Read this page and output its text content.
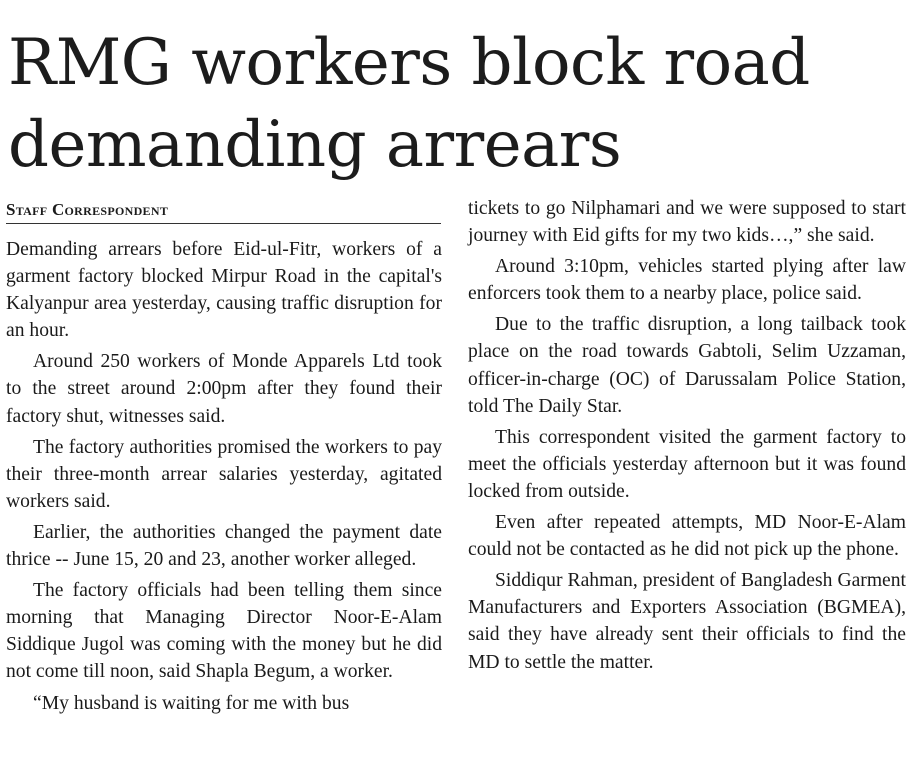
RMG workers block road
demanding arrears
Staff Correspondent

Demanding arrears before Eid-ul-Fitr, workers of a garment factory blocked Mirpur Road in the capital's Kalyanpur area yesterday, causing traffic disruption for an hour.

Around 250 workers of Monde Apparels Ltd took to the street around 2:00pm after they found their factory shut, witnesses said.

The factory authorities promised the workers to pay their three-month arrear salaries yesterday, agitated workers said.

Earlier, the authorities changed the payment date thrice -- June 15, 20 and 23, another worker alleged.

The factory officials had been telling them since morning that Managing Director Noor-E-Alam Siddique Jugol was coming with the money but he did not come till noon, said Shapla Begum, a worker.

“My husband is waiting for me with bus

tickets to go Nilphamari and we were supposed to start journey with Eid gifts for my two kids…,” she said.

Around 3:10pm, vehicles started plying after law enforcers took them to a nearby place, police said.

Due to the traffic disruption, a long tailback took place on the road towards Gabtoli, Selim Uzzaman, officer-in-charge (OC) of Darussalam Police Station, told The Daily Star.

This correspondent visited the garment factory to meet the officials yesterday afternoon but it was found locked from outside.

Even after repeated attempts, MD Noor-E-Alam could not be contacted as he did not pick up the phone.

Siddiqur Rahman, president of Bangladesh Garment Manufacturers and Exporters Association (BGMEA), said they have already sent their officials to find the MD to settle the matter.
